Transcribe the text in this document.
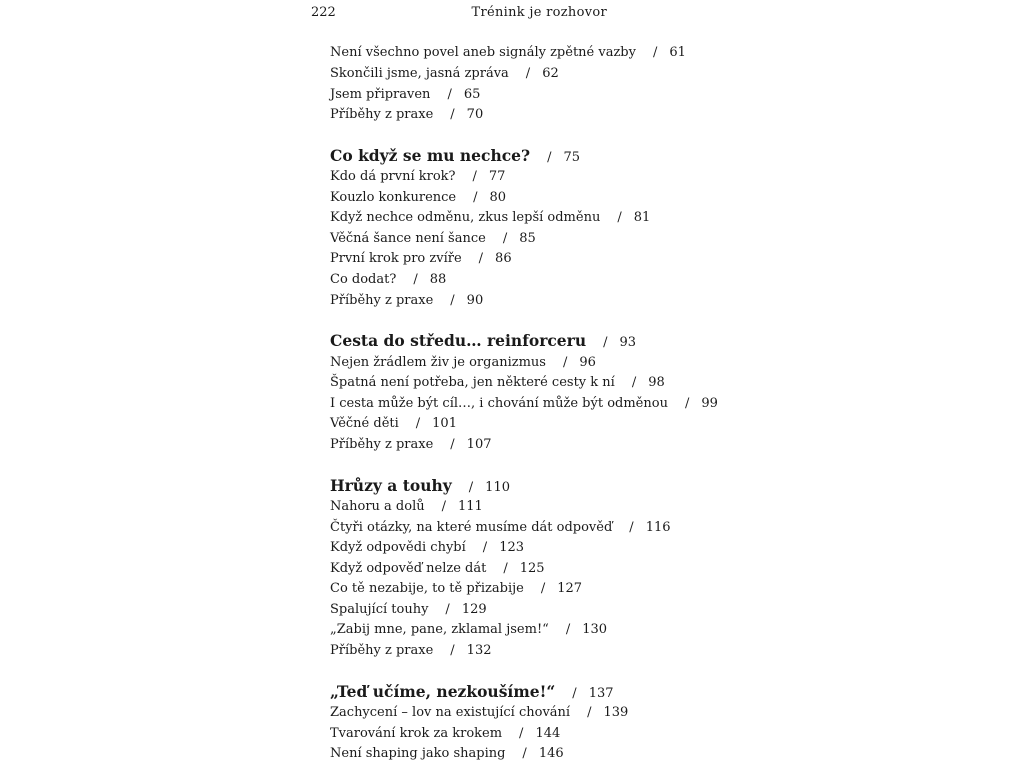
222	Trénink je rozhovor
Není všechno povel aneb signály zpětné vazby / 61
Skončili jsme, jasná zpráva / 62
Jsem připraven / 65
Příběhy z praxe / 70
Co když se mu nechce? / 75
Kdo dá první krok? / 77
Kouzlo konkurence / 80
Když nechce odměnu, zkus lepší odměnu / 81
Věčná šance není šance / 85
První krok pro zvíře / 86
Co dodat? / 88
Příběhy z praxe / 90
Cesta do středu… reinforceru / 93
Nejen žrádlem živ je organizmus / 96
Špatná není potřeba, jen některé cesty k ní / 98
I cesta může být cíl…, i chování může být odměnou / 99
Věčné děti / 101
Příběhy z praxe / 107
Hrůzy a touhy / 110
Nahoru a dolů / 111
Čtyři otázky, na které musíme dát odpověď / 116
Když odpovědi chybí / 123
Když odpověď nelze dát / 125
Co tě nezabije, to tě přizabije / 127
Spalující touhy / 129
„Zabij mne, pane, zklamal jsem!“ / 130
Příběhy z praxe / 132
„Teď učíme, nezkoušíme!“ / 137
Zachycení – lov na existující chování / 139
Tvarování krok za krokem / 144
Není shaping jako shaping / 146
